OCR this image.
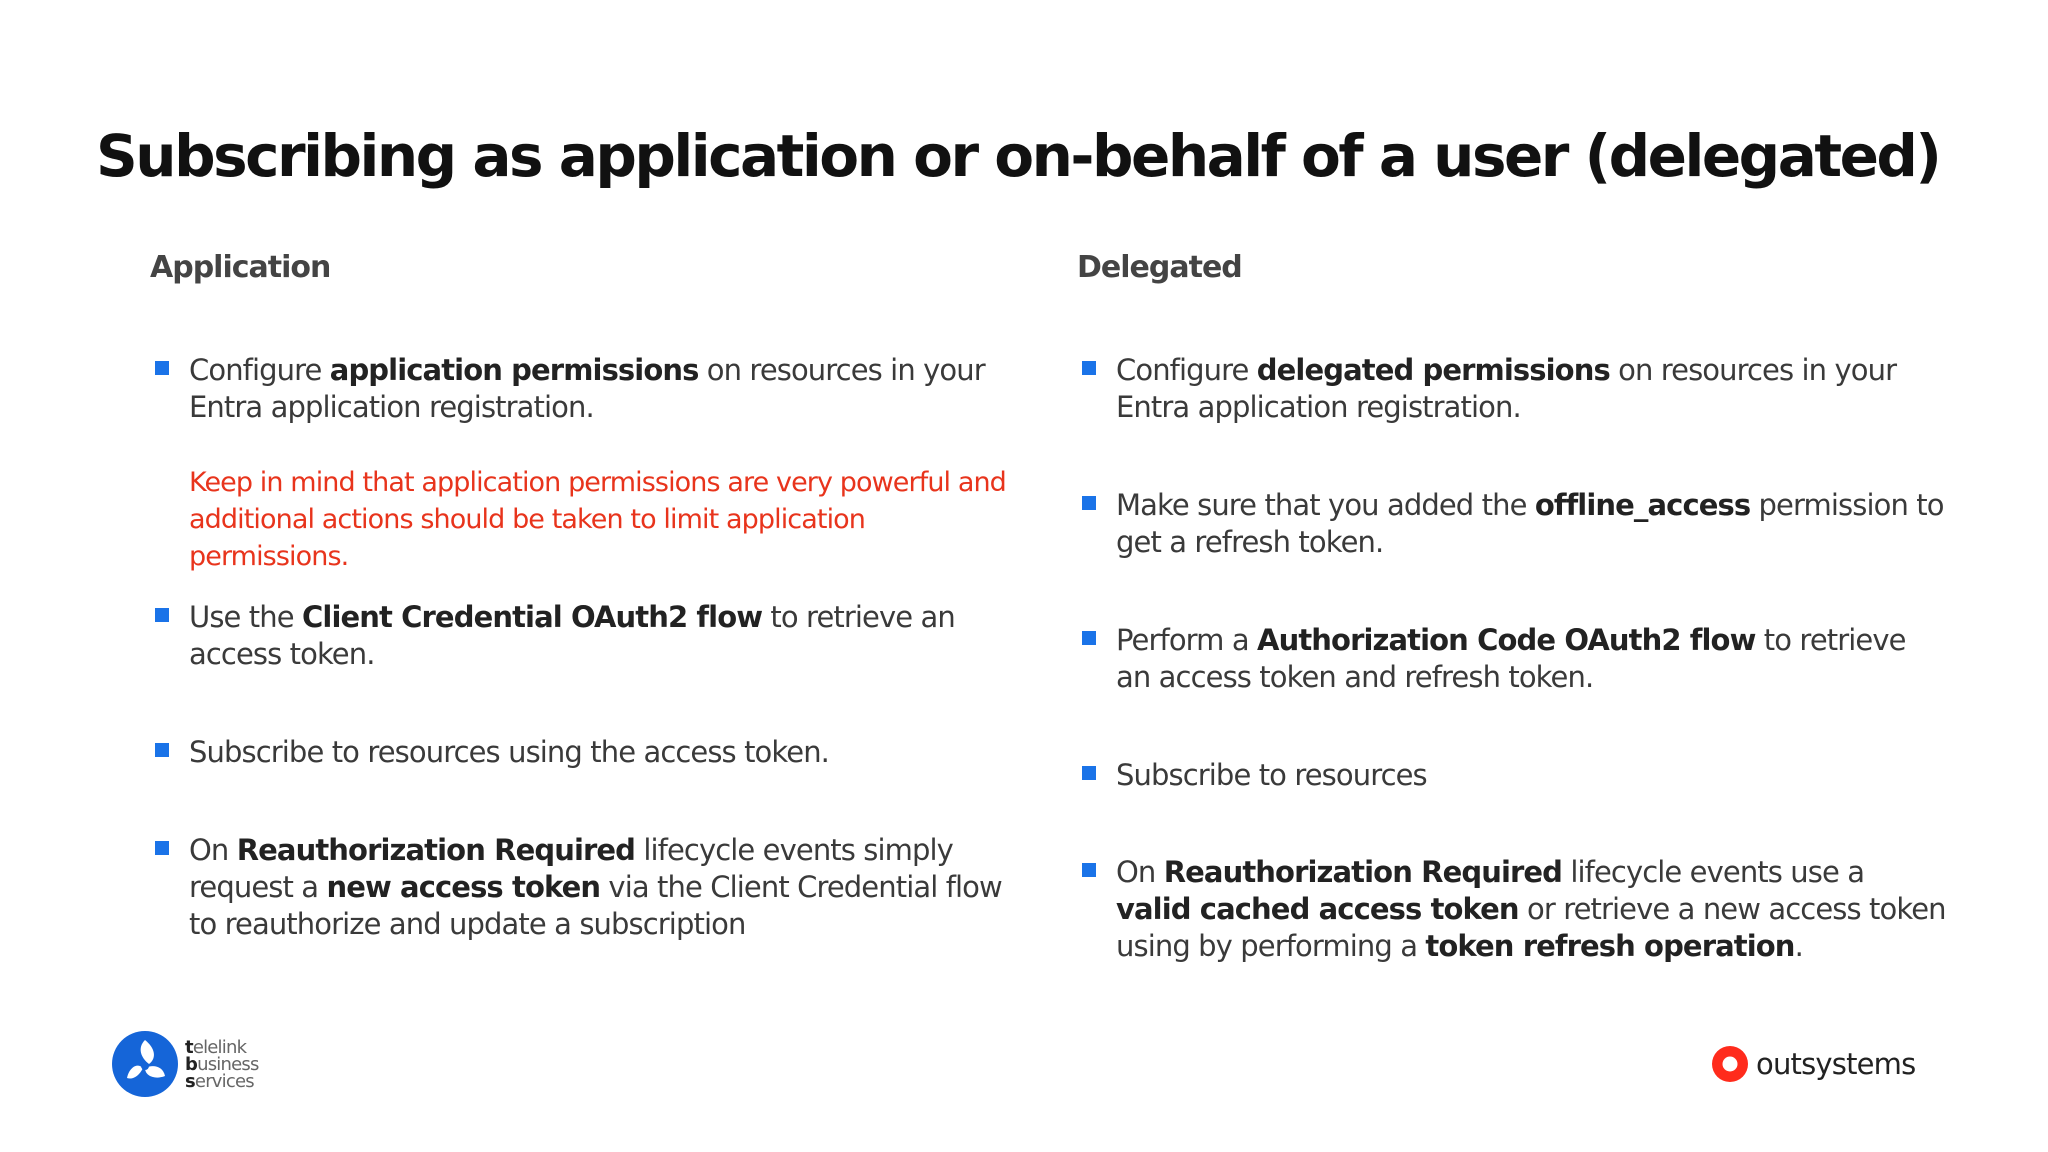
Subscribing as application or on-behalf of a user (delegated)
Application

Configure application permissions on resources in your Entra application registration.

Keep in mind that application permissions are very powerful and additional actions should be taken to limit application permissions.

Use the Client Credential OAuth2 flow to retrieve an access token.

Subscribe to resources using the access token.

On Reauthorization Required lifecycle events simply request a new access token via the Client Credential flow to reauthorize and update a subscription

Delegated

Configure delegated permissions on resources in your Entra application registration.

Make sure that you added the offline_access permission to get a refresh token.

Perform a Authorization Code OAuth2 flow to retrieve an access token and refresh token.

Subscribe to resources

On Reauthorization Required lifecycle events use a valid cached access token or retrieve a new access token using by performing a token refresh operation.

telelink
business
services	outsystems
